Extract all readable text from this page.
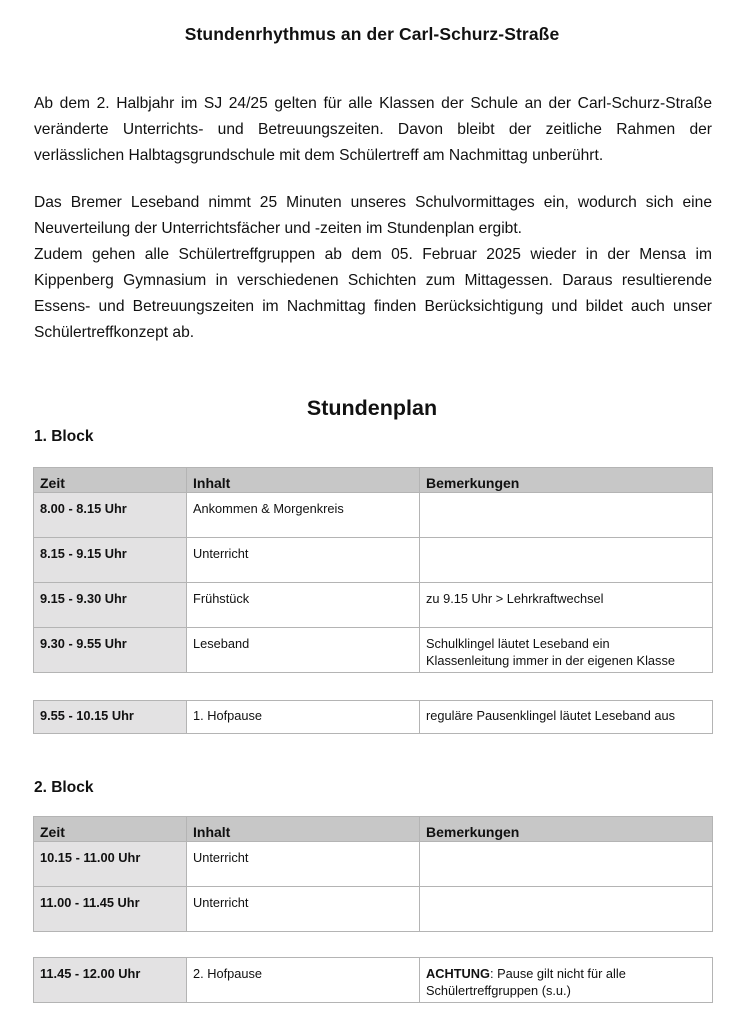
Stundenrhythmus an der Carl-Schurz-Straße

Ab dem 2. Halbjahr im SJ 24/25 gelten für alle Klassen der Schule an der Carl-Schurz-Straße veränderte Unterrichts- und Betreuungszeiten. Davon bleibt der zeitliche Rahmen der verlässlichen Halbtagsgrundschule mit dem Schülertreff am Nachmittag unberührt.

Das Bremer Leseband nimmt 25 Minuten unseres Schulvormittages ein, wodurch sich eine Neuverteilung der Unterrichtsfächer und -zeiten im Stundenplan ergibt.
Zudem gehen alle Schülertreffgruppen ab dem 05. Februar 2025 wieder in der Mensa im Kippenberg Gymnasium in verschiedenen Schichten zum Mittagessen. Daraus resultierende Essens- und Betreuungszeiten im Nachmittag finden Berücksichtigung und bildet auch unser Schülertreffkonzept ab.
Stundenplan
1. Block
Zeit	Inhalt	Bemerkungen
8.00 - 8.15 Uhr	Ankommen & Morgenkreis	
8.15 - 9.15 Uhr	Unterricht	
9.15 - 9.30 Uhr	Frühstück	zu 9.15 Uhr > Lehrkraftwechsel
9.30 - 9.55 Uhr	Leseband	Schulklingel läutet Leseband ein
Klassenleitung immer in der eigenen Klasse
9.55 - 10.15 Uhr	1. Hofpause	reguläre Pausenklingel läutet Leseband aus
2. Block
Zeit	Inhalt	Bemerkungen
10.15 - 11.00 Uhr	Unterricht	
11.00 - 11.45 Uhr	Unterricht	
11.45 - 12.00 Uhr	2. Hofpause	ACHTUNG: Pause gilt nicht für alle
Schülertreffgruppen (s.u.)
